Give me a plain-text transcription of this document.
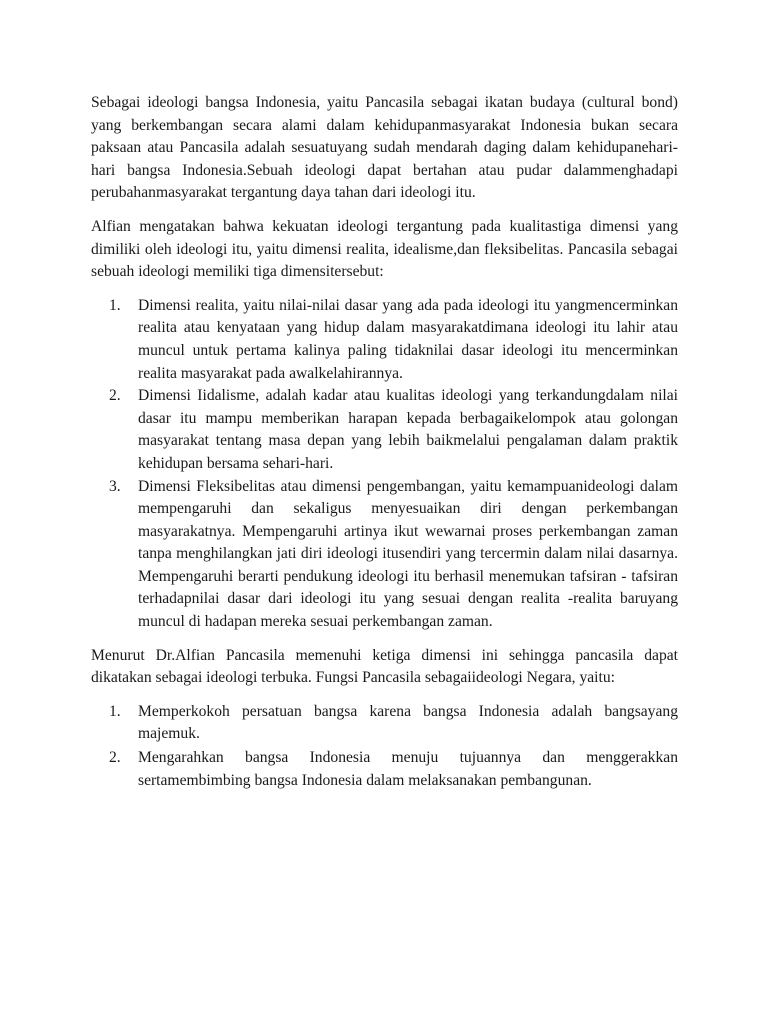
Sebagai ideologi bangsa Indonesia, yaitu Pancasila sebagai ikatan budaya (cultural bond) yang berkembangan secara alami dalam kehidupanmasyarakat Indonesia bukan secara paksaan atau Pancasila adalah sesuatuyang sudah mendarah daging dalam kehidupanehari-hari bangsa Indonesia.Sebuah ideologi dapat bertahan atau pudar dalammenghadapi perubahanmasyarakat tergantung daya tahan dari ideologi itu.

Alfian mengatakan bahwa kekuatan ideologi tergantung pada kualitastiga dimensi yang dimiliki oleh ideologi itu, yaitu dimensi realita, idealisme,dan fleksibelitas. Pancasila sebagai sebuah ideologi memiliki tiga dimensitersebut:

1. Dimensi realita, yaitu nilai-nilai dasar yang ada pada ideologi itu yangmencerminkan realita atau kenyataan yang hidup dalam masyarakatdimana ideologi itu lahir atau muncul untuk pertama kalinya paling tidaknilai dasar ideologi itu mencerminkan realita masyarakat pada awalkelahirannya.
2. Dimensi Iidalisme, adalah kadar atau kualitas ideologi yang terkandungdalam nilai dasar itu mampu memberikan harapan kepada berbagaikelompok atau golongan masyarakat tentang masa depan yang lebih baikmelalui pengalaman dalam praktik kehidupan bersama sehari-hari.
3. Dimensi Fleksibelitas atau dimensi pengembangan, yaitu kemampuanideologi dalam mempengaruhi dan sekaligus menyesuaikan diri dengan perkembangan masyarakatnya. Mempengaruhi artinya ikut wewarnai proses perkembangan zaman tanpa menghilangkan jati diri ideologi itusendiri yang tercermin dalam nilai dasarnya. Mempengaruhi berarti pendukung ideologi itu berhasil menemukan tafsiran - tafsiran terhadapnilai dasar dari ideologi itu yang sesuai dengan realita -realita baruyang muncul di hadapan mereka sesuai perkembangan zaman.

Menurut Dr.Alfian Pancasila memenuhi ketiga dimensi ini sehingga pancasila dapat dikatakan sebagai ideologi terbuka. Fungsi Pancasila sebagaiideologi Negara, yaitu:

1. Memperkokoh persatuan bangsa karena bangsa Indonesia adalah bangsayang majemuk.
2. Mengarahkan bangsa Indonesia menuju tujuannya dan menggerakkan sertamembimbing bangsa Indonesia dalam melaksanakan pembangunan.
